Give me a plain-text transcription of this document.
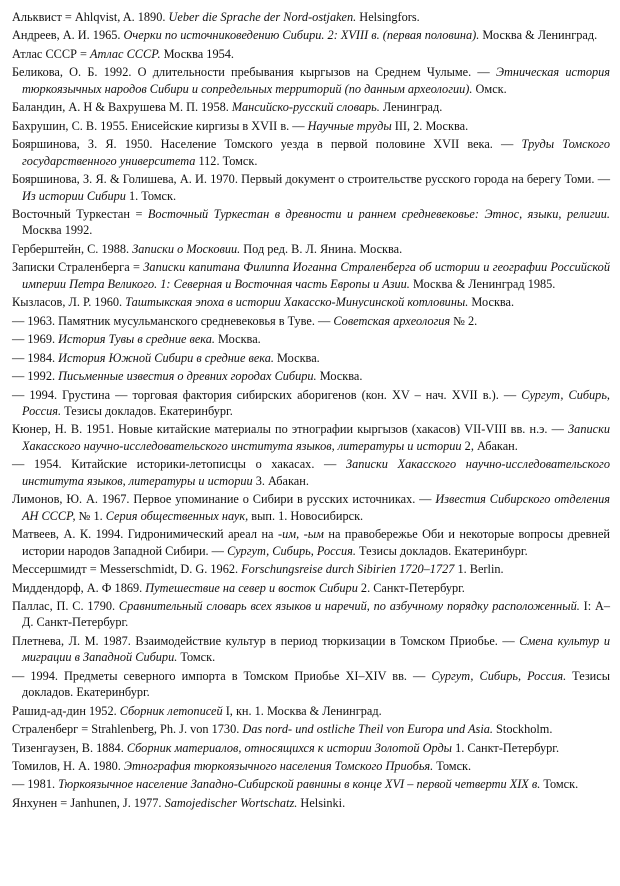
Альквист = Ahlqvist, A. 1890. Ueber die Sprache der Nord-ostjaken. Helsingfors.

Андреев, А. И. 1965. Очерки по источниковедению Сибири. 2: XVIII в. (первая половина). Москва & Ленинград.

Атлас СССР = Атлас СССР. Москва 1954.

Беликова, О. Б. 1992. О длительности пребывания кыргызов на Среднем Чулыме. — Этническая история тюркоязычных народов Сибири и сопредельных территорий (по данным археологии). Омск.

Баландин, А. Н & Вахрушева М. П. 1958. Мансийско-русский словарь. Ленинград.

Бахрушин, С. В. 1955. Енисейские киргизы в XVII в. — Научные труды III, 2. Москва.

Бояршинова, З. Я. 1950. Население Томского уезда в первой половине XVII века. — Труды Томского государственного университета 112. Томск.

Бояршинова, З. Я. & Голишева, А. И. 1970. Первый документ о строительстве русского города на берегу Томи. — Из истории Сибири 1. Томск.

Восточный Туркестан = Восточный Туркестан в древности и раннем средневековье: Этнос, языки, религии. Москва 1992.

Герберштейн, С. 1988. Записки о Московии. Под ред. В. Л. Янина. Москва.

Записки Страленберга = Записки капитана Филиппа Иоганна Страленберга об истории и географии Российской империи Петра Великого. 1: Северная и Восточная часть Европы и Азии. Москва & Ленинград 1985.

Кызласов, Л. Р. 1960. Таштыкская эпоха в истории Хакасско-Минусинской котловины. Москва.

— 1963. Памятник мусульманского средневековья в Туве. — Советская археология № 2.

— 1969. История Тувы в средние века. Москва.

— 1984. История Южной Сибири в средние века. Москва.

— 1992. Письменные известия о древних городах Сибири. Москва.

— 1994. Грустина — торговая фактория сибирских аборигенов (кон. XV – нач. XVII в.). — Сургут, Сибирь, Россия. Тезисы докладов. Екатеринбург.

Кюнер, Н. В. 1951. Новые китайские материалы по этнографии кыргызов (хакасов) VII-VIII вв. н.э. — Записки Хакасского научно-исследовательского института языков, литературы и истории 2, Абакан.

— 1954. Китайские историки-летописцы о хакасах. — Записки Хакасского научно-исследовательского института языков, литературы и истории 3. Абакан.

Лимонов, Ю. А. 1967. Первое упоминание о Сибири в русских источниках. — Известия Сибирского отделения АН СССР, № 1. Серия общественных наук, вып. 1. Новосибирск.

Матвеев, А. К. 1994. Гидронимический ареал на -им, -ым на правобережье Оби и некоторые вопросы древней истории народов Западной Сибири. — Сургут, Сибирь, Россия. Тезисы докладов. Екатеринбург.

Мессершмидт = Messerschmidt, D. G. 1962. Forschungsreise durch Sibirien 1720–1727 1. Berlin.

Миддендорф, А. Ф 1869. Путешествие на север и восток Сибири 2. Санкт-Петербург.

Паллас, П. С. 1790. Сравнительный словарь всех языков и наречий, по азбучному порядку расположенный. I: А–Д. Санкт-Петербург.

Плетнева, Л. М. 1987. Взаимодействие культур в период тюркизации в Томском Приобье. — Смена культур и миграции в Западной Сибири. Томск.

— 1994. Предметы северного импорта в Томском Приобье XI–XIV вв. — Сургут, Сибирь, Россия. Тезисы докладов. Екатеринбург.

Рашид-ад-дин 1952. Сборник летописей I, кн. 1. Москва & Ленинград.

Страленберг = Strahlenberg, Ph. J. von 1730. Das nord- und ostliche Theil von Europa und Asia. Stockholm.

Тизенгаузен, В. 1884. Сборник материалов, относящихся к истории Золотой Орды 1. Санкт-Петербург.

Томилов, Н. А. 1980. Этнография тюркоязычного населения Томского Приобья. Томск.

— 1981. Тюркоязычное население Западно-Сибирской равнины в конце XVI – первой четверти XIX в. Томск.

Янхунен = Janhunen, J. 1977. Samojedischer Wortschatz. Helsinki.
